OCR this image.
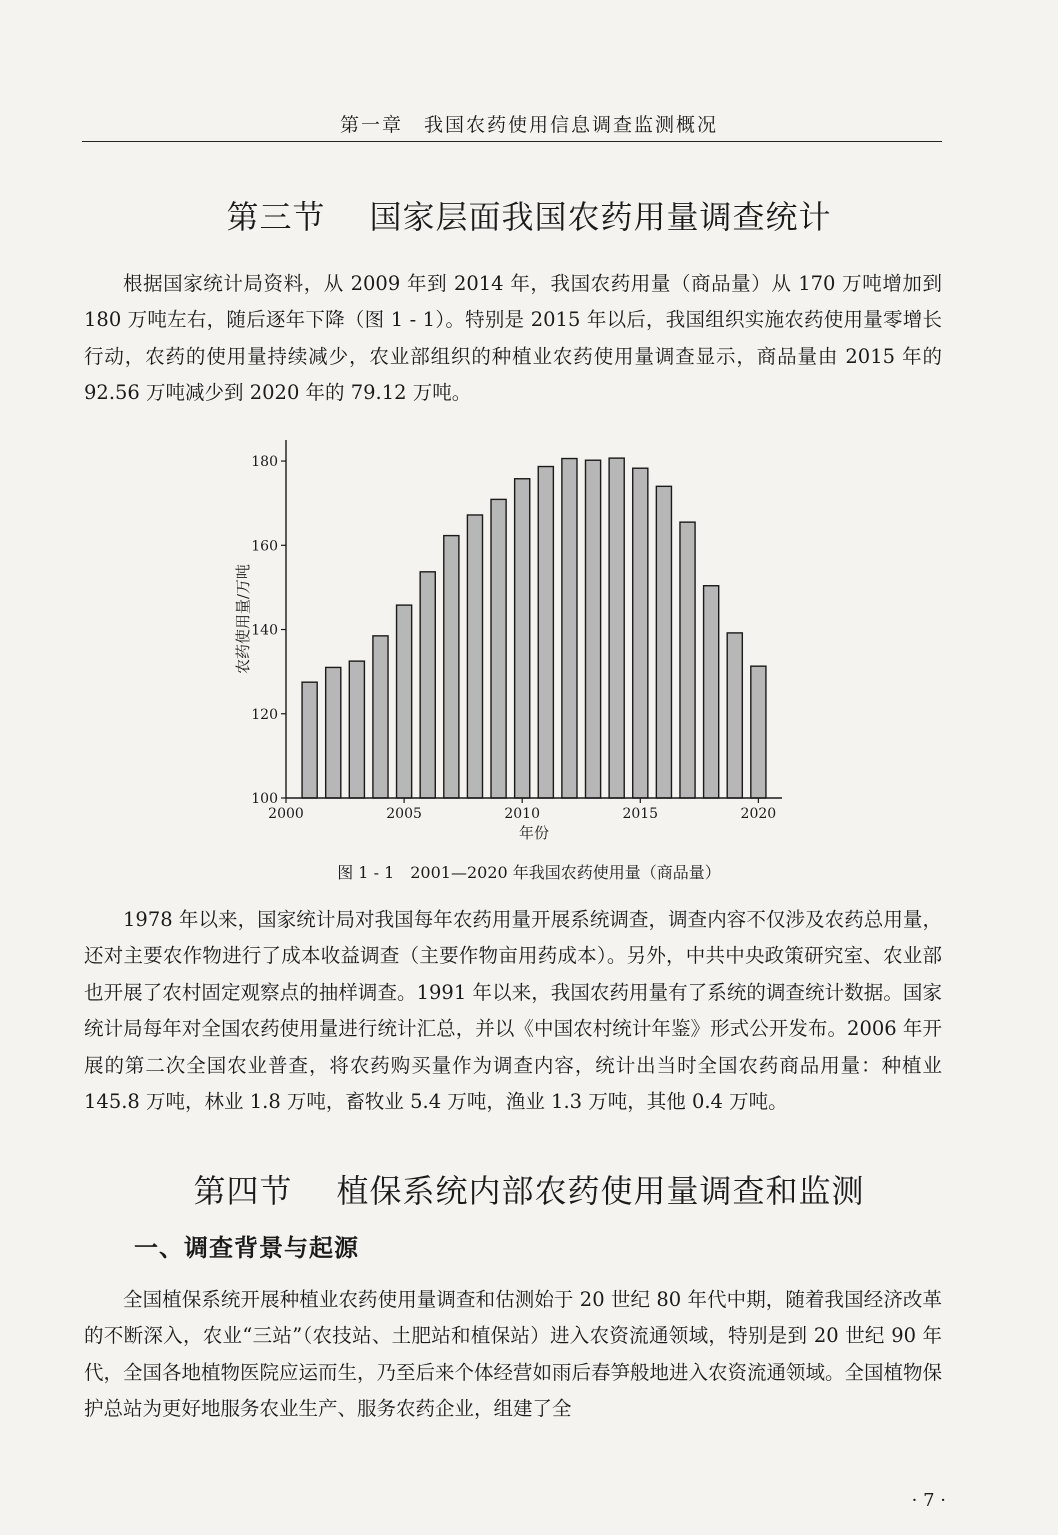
第一章　我国农药使用信息调查监测概况
第三节 国家层面我国农药用量调查统计

根据国家统计局资料，从 2009 年到 2014 年，我国农药用量（商品量）从 170 万吨增加到 180 万吨左右，随后逐年下降（图 1 - 1）。特别是 2015 年以后，我国组织实施农药使用量零增长行动，农药的使用量持续减少，农业部组织的种植业农药使用量调查显示，商品量由 2015 年的 92.56 万吨减少到 2020 年的 79.12 万吨。

100
120
140
160
180
2000	2005	2010	2015	2020
年份
农药使用量/万吨
图 1 - 1 2001—2020 年我国农药使用量（商品量）

1978 年以来，国家统计局对我国每年农药用量开展系统调查，调查内容不仅涉及农药总用量，还对主要农作物进行了成本收益调查（主要作物亩用药成本）。另外，中共中央政策研究室、农业部也开展了农村固定观察点的抽样调查。1991 年以来，我国农药用量有了系统的调查统计数据。国家统计局每年对全国农药使用量进行统计汇总，并以《中国农村统计年鉴》形式公开发布。2006 年开展的第二次全国农业普查，将农药购买量作为调查内容，统计出当时全国农药商品用量：种植业 145.8 万吨，林业 1.8 万吨，畜牧业 5.4 万吨，渔业 1.3 万吨，其他 0.4 万吨。

第四节 植保系统内部农药使用量调查和监测
一、调查背景与起源

全国植保系统开展种植业农药使用量调查和估测始于 20 世纪 80 年代中期，随着我国经济改革的不断深入，农业“三站”（农技站、土肥站和植保站）进入农资流通领域，特别是到 20 世纪 90 年代，全国各地植物医院应运而生，乃至后来个体经营如雨后春笋般地进入农资流通领域。全国植物保护总站为更好地服务农业生产、服务农药企业，组建了全

· 7 ·
